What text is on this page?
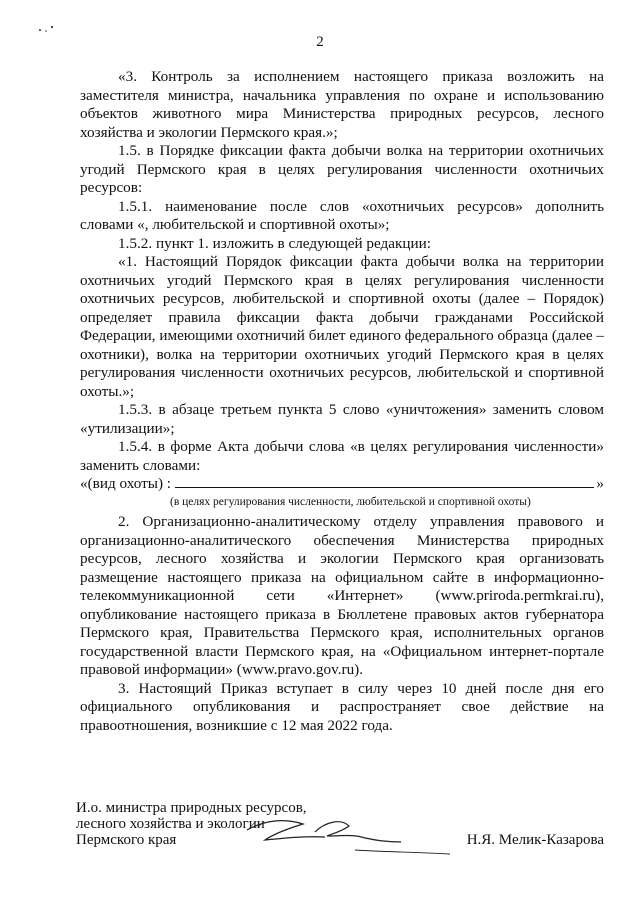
2

«3. Контроль за исполнением настоящего приказа возложить на заместителя министра, начальника управления по охране и использованию объектов животного мира Министерства природных ресурсов, лесного хозяйства и экологии Пермского края.»;

1.5. в Порядке фиксации факта добычи волка на территории охотничьих угодий Пермского края в целях регулирования численности охотничьих ресурсов:

1.5.1. наименование после слов «охотничьих ресурсов» дополнить словами «, любительской и спортивной охоты»;

1.5.2. пункт 1. изложить в следующей редакции:

«1. Настоящий Порядок фиксации факта добычи волка на территории охотничьих угодий Пермского края в целях регулирования численности охотничьих ресурсов, любительской и спортивной охоты (далее – Порядок) определяет правила фиксации факта добычи гражданами Российской Федерации, имеющими охотничий билет единого федерального образца (далее – охотники), волка на территории охотничьих угодий Пермского края в целях регулирования численности охотничьих ресурсов, любительской и спортивной охоты.»;

1.5.3. в абзаце третьем пункта 5 слово «уничтожения» заменить словом «утилизации»;

1.5.4. в форме Акта добычи слова «в целях регулирования численности» заменить словами:

«(вид охоты) :	»
(в целях регулирования численности, любительской и спортивной охоты)

2. Организационно-аналитическому отделу управления правового и организационно-аналитического обеспечения Министерства природных ресурсов, лесного хозяйства и экологии Пермского края организовать размещение настоящего приказа на официальном сайте в информационно-телекоммуникационной сети «Интернет» (www.priroda.permkrai.ru), опубликование настоящего приказа в Бюллетене правовых актов губернатора Пермского края, Правительства Пермского края, исполнительных органов государственной власти Пермского края, на «Официальном интернет-портале правовой информации» (www.pravo.gov.ru).

3. Настоящий Приказ вступает в силу через 10 дней после дня его официального опубликования и распространяет свое действие на правоотношения, возникшие с 12 мая 2022 года.

И.о. министра природных ресурсов,
лесного хозяйства и экологии
Пермского края	Н.Я. Мелик-Казарова
